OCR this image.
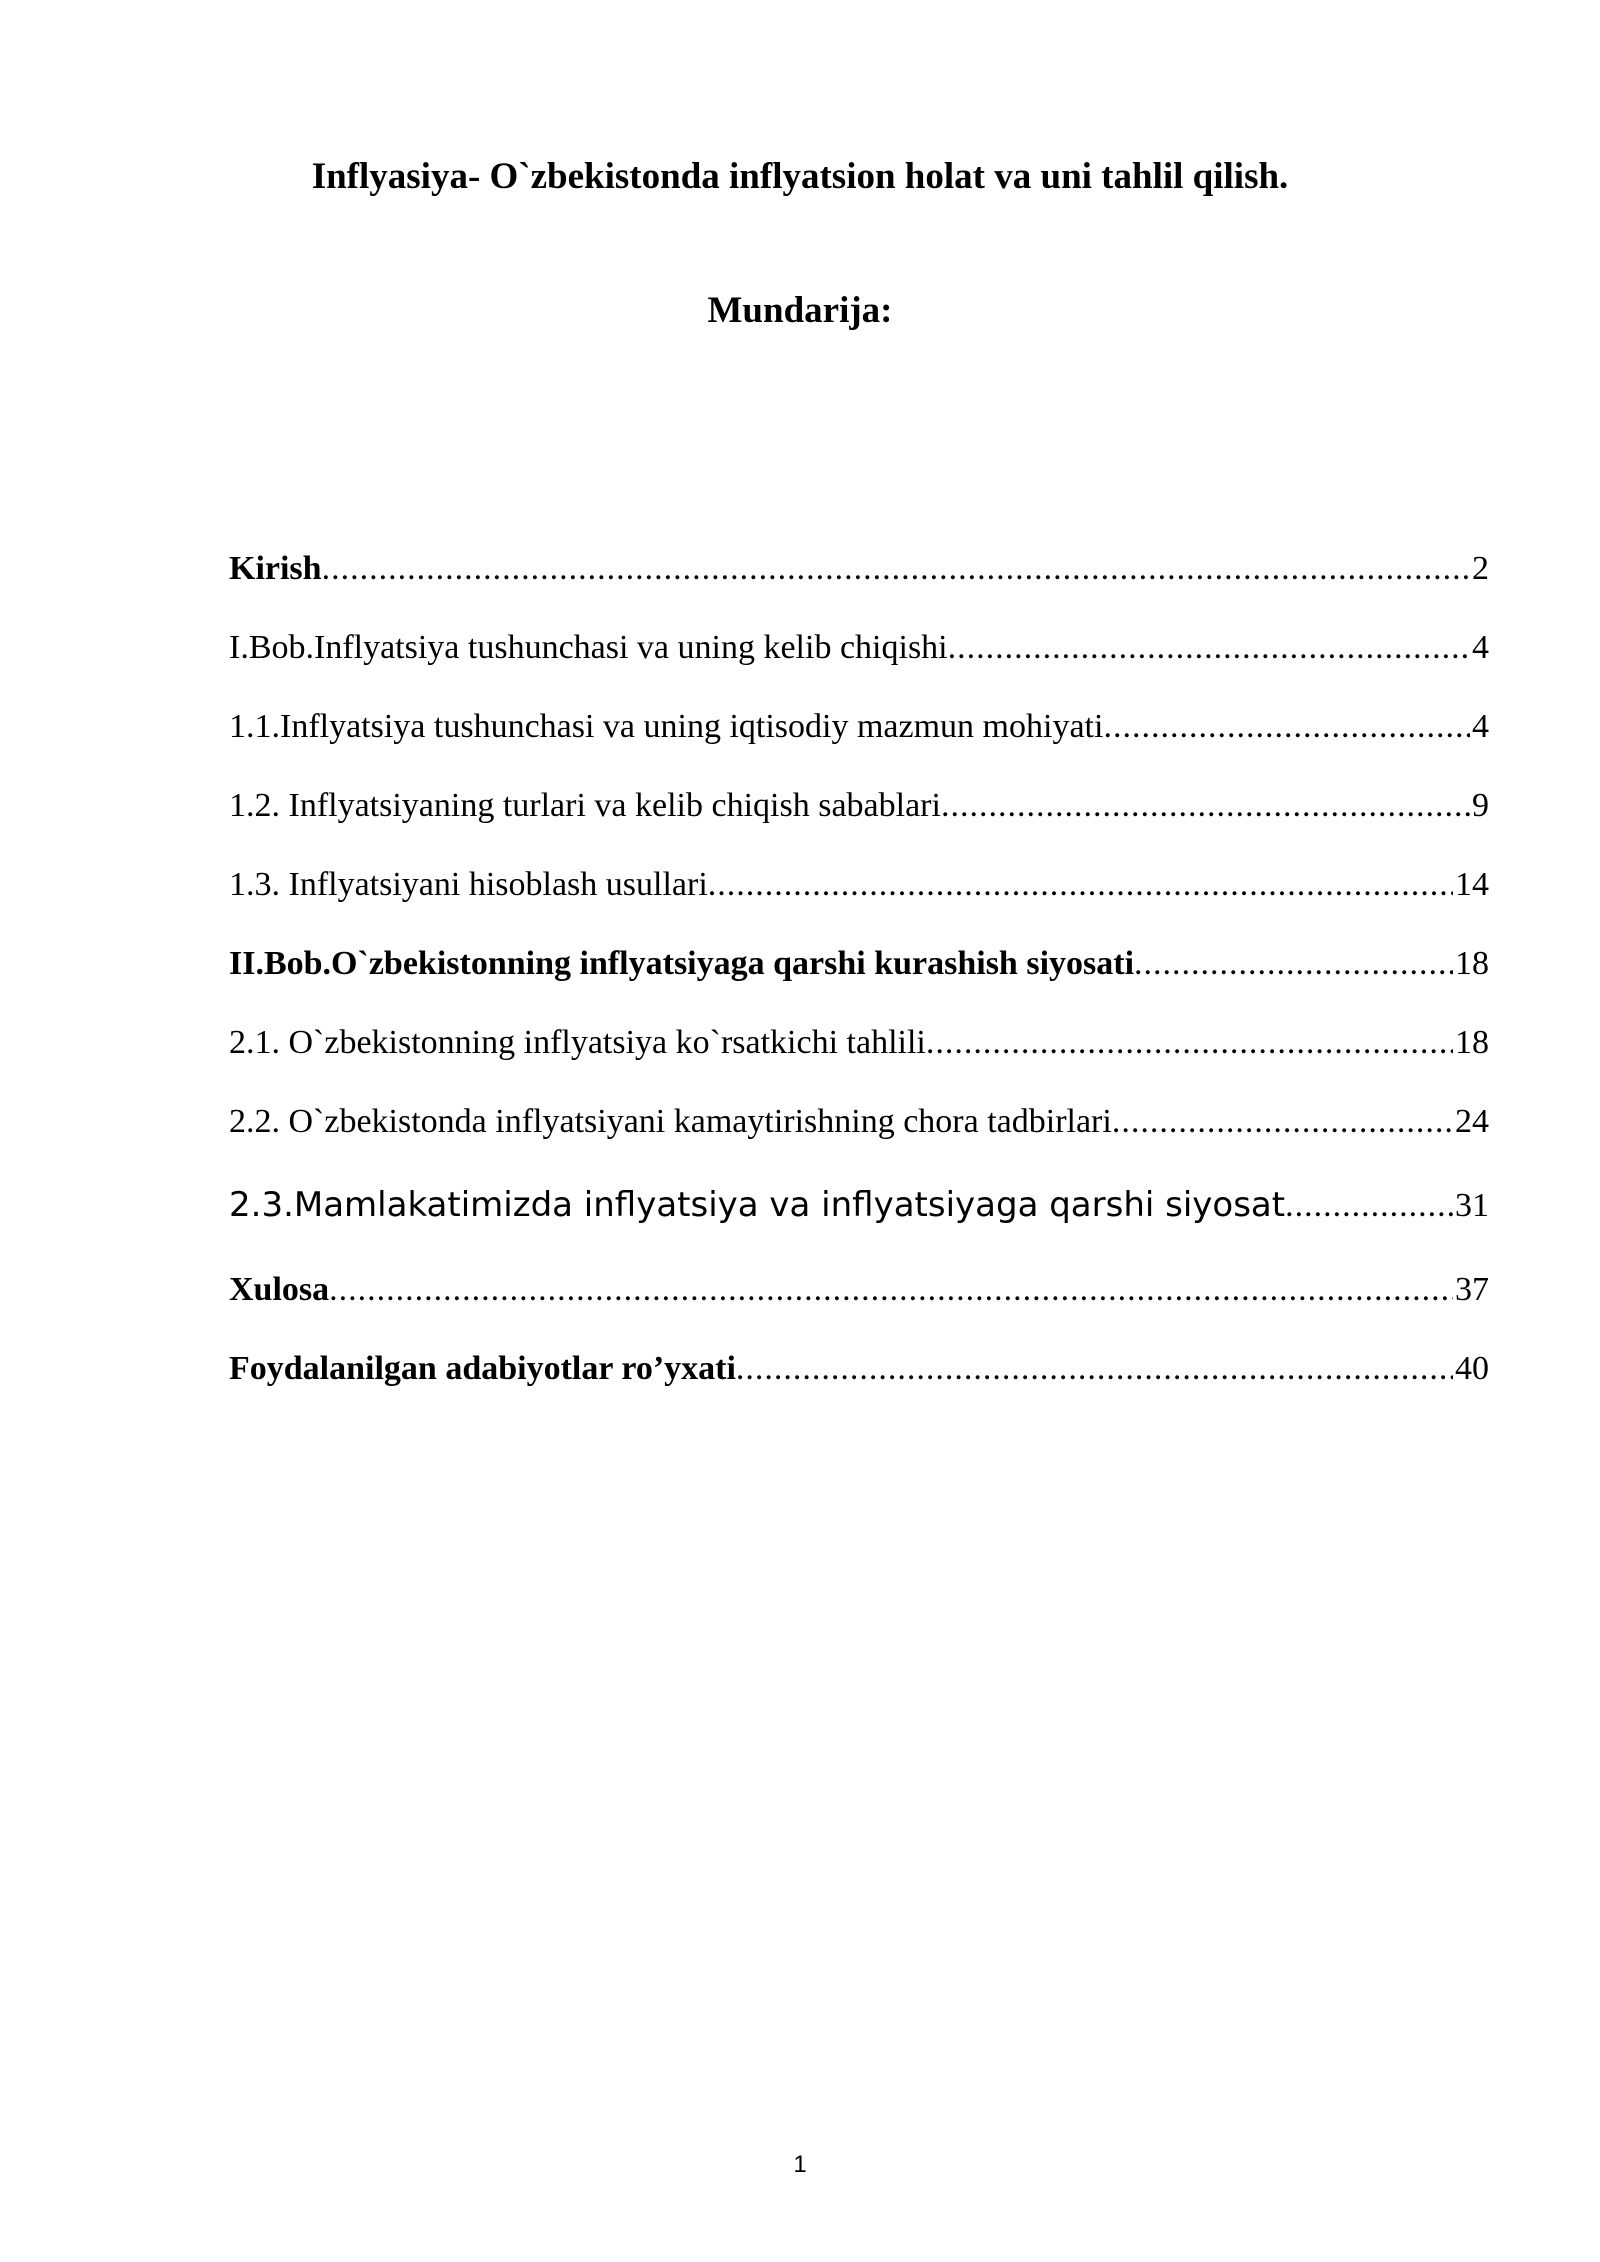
Inflyasiya- O`zbekistonda inflyatsion holat va uni tahlil qilish.
Mundarija:
Kirish .....	2
I.Bob.Inflyatsiya tushunchasi va uning kelib chiqishi .....	4
1.1.Inflyatsiya tushunchasi va uning iqtisodiy mazmun mohiyati .....	4
1.2. Inflyatsiyaning turlari va kelib chiqish sabablari .....	9
1.3. Inflyatsiyani hisoblash usullari .....	14
II.Bob.O`zbekistonning inflyatsiyaga qarshi kurashish siyosati .....	18
2.1. O`zbekistonning inflyatsiya ko`rsatkichi tahlili .....	18
2.2. O`zbekistonda inflyatsiyani kamaytirishning chora tadbirlari .....	24
2.3.Mamlakatimizda inflyatsiya va inflyatsiyaga qarshi siyosat .....	31
Xulosa .....	37
Foydalanilgan adabiyotlar ro’yxati .....	40
1
